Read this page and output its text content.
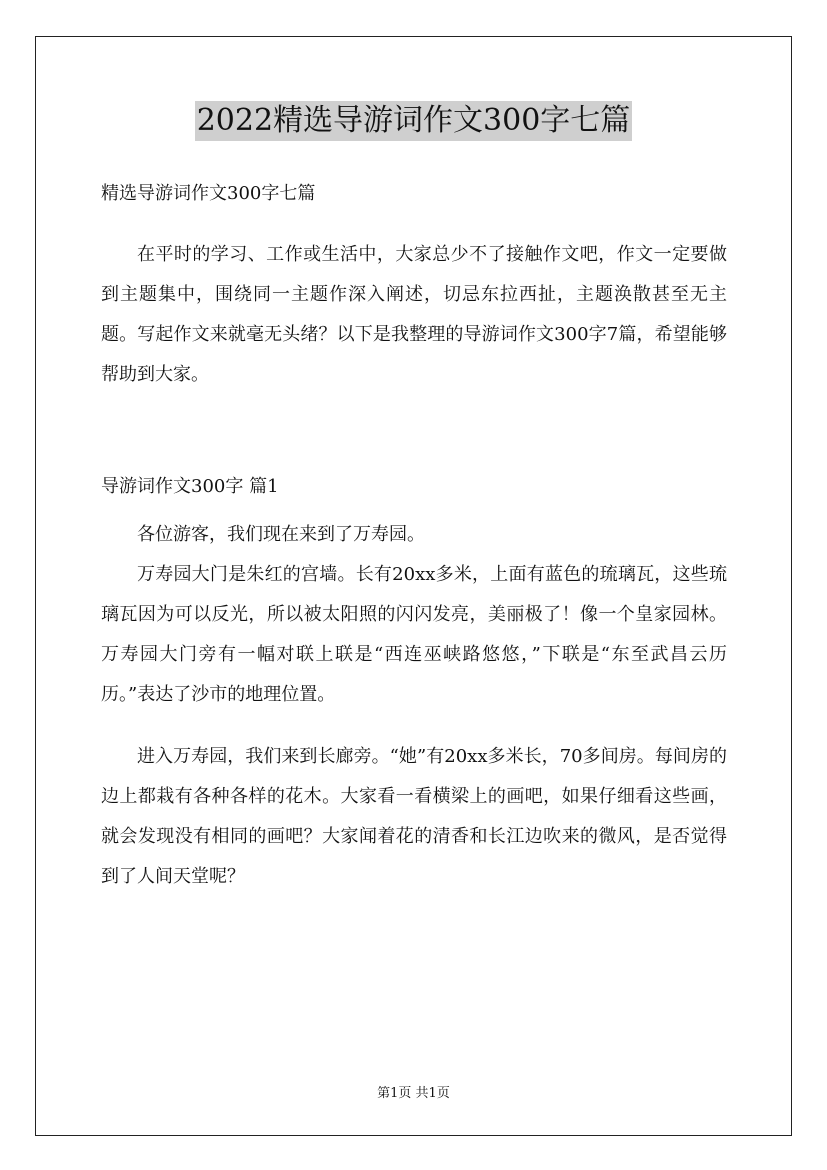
2022精选导游词作文300字七篇

精选导游词作文300字七篇

在平时的学习、工作或生活中，大家总少不了接触作文吧，作文一定要做到主题集中，围绕同一主题作深入阐述，切忌东拉西扯，主题涣散甚至无主题。写起作文来就毫无头绪？以下是我整理的导游词作文300字7篇，希望能够帮助到大家。

导游词作文300字 篇1

各位游客，我们现在来到了万寿园。

万寿园大门是朱红的宫墙。长有20xx多米，上面有蓝色的琉璃瓦，这些琉璃瓦因为可以反光，所以被太阳照的闪闪发亮，美丽极了！像一个皇家园林。万寿园大门旁有一幅对联上联是“西连巫峡路悠悠，”下联是“东至武昌云历历。”表达了沙市的地理位置。

进入万寿园，我们来到长廊旁。“她”有20xx多米长，70多间房。每间房的边上都栽有各种各样的花木。大家看一看横梁上的画吧，如果仔细看这些画，就会发现没有相同的画吧？大家闻着花的清香和长江边吹来的微风，是否觉得到了人间天堂呢？

第1页 共1页
